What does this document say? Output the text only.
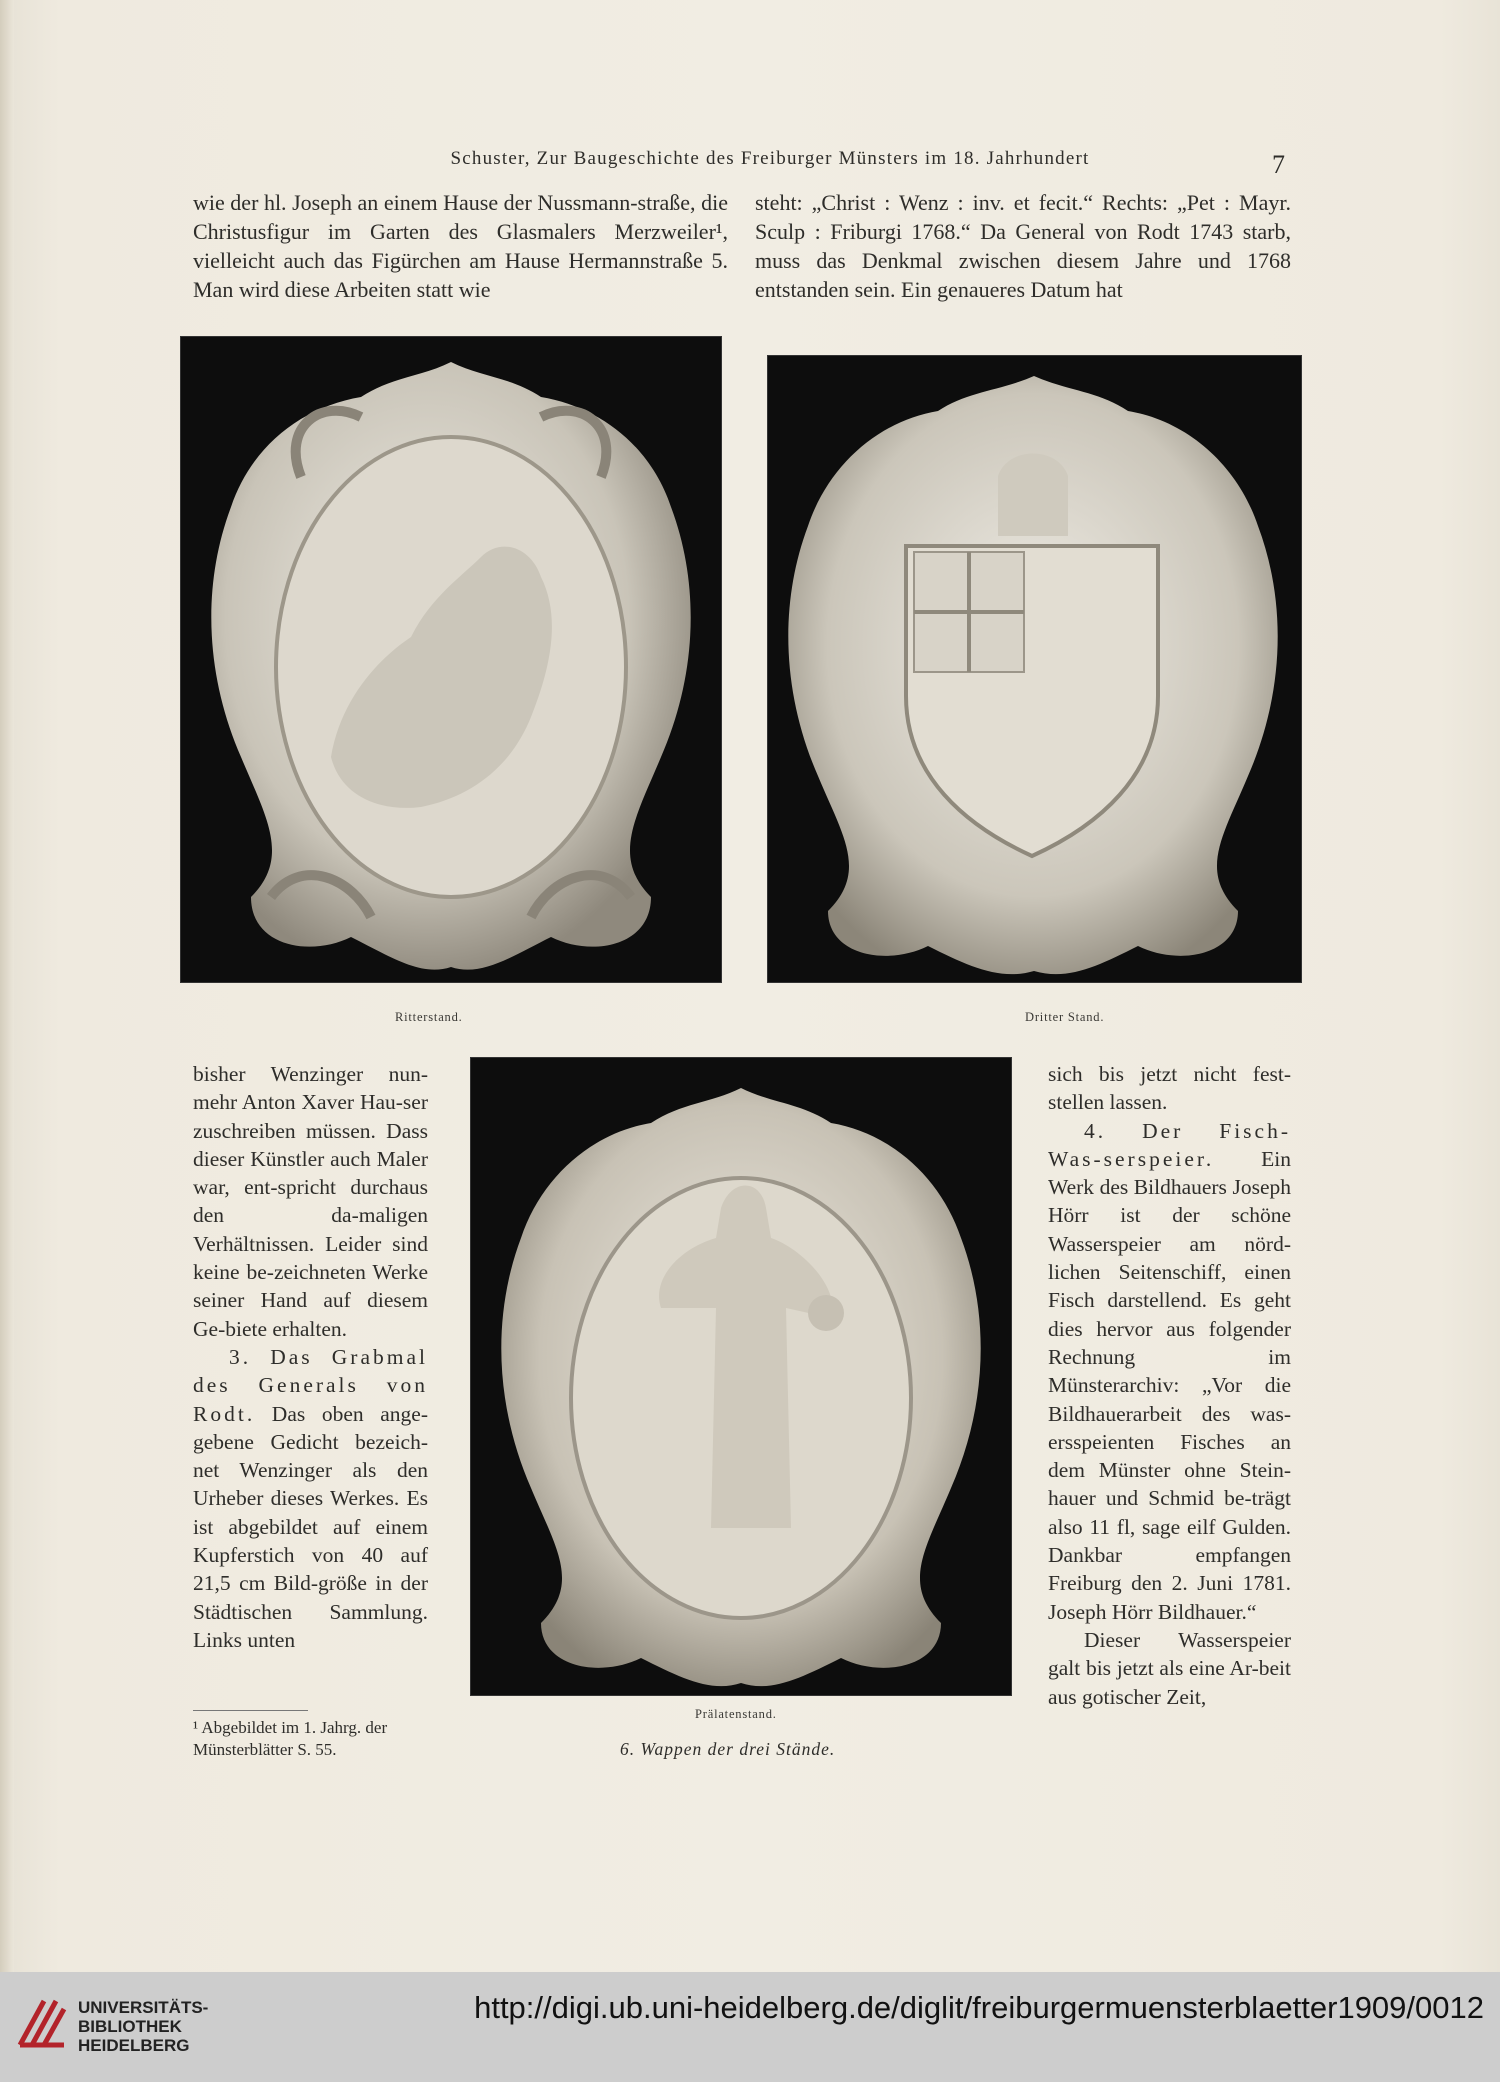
Schuster, Zur Baugeschichte des Freiburger Münsters im 18. Jahrhundert	7

wie der hl. Joseph an einem Hause der Nussmann-straße, die Christusfigur im Garten des Glasmalers Merzweiler¹, vielleicht auch das Figürchen am Hause Hermannstraße 5. Man wird diese Arbeiten statt wie

steht: „Christ : Wenz : inv. et fecit.“ Rechts: „Pet : Mayr. Sculp : Friburgi 1768.“ Da General von Rodt 1743 starb, muss das Denkmal zwischen diesem Jahre und 1768 entstanden sein. Ein genaueres Datum hat

Ritterstand.	Dritter Stand.
Prälatenstand.
6. Wappen der drei Stände.

bisher Wenzinger nun-mehr Anton Xaver Hau-ser zuschreiben müssen. Dass dieser Künstler auch Maler war, ent-spricht durchaus den da-maligen Verhältnissen. Leider sind keine be-zeichneten Werke seiner Hand auf diesem Ge-biete erhalten.

3. Das Grabmal des Generals von Rodt. Das oben ange-gebene Gedicht bezeich-net Wenzinger als den Urheber dieses Werkes. Es ist abgebildet auf einem Kupferstich von 40 auf 21,5 cm Bild-größe in der Städtischen Sammlung. Links unten

sich bis jetzt nicht fest-stellen lassen.

4. Der Fisch-Was-serspeier. Ein Werk des Bildhauers Joseph Hörr ist der schöne Wasserspeier am nörd-lichen Seitenschiff, einen Fisch darstellend. Es geht dies hervor aus folgender Rechnung im Münsterarchiv: „Vor die Bildhauerarbeit des was-ersspeienten Fisches an dem Münster ohne Stein-hauer und Schmid be-trägt also 11 fl, sage eilf Gulden. Dankbar empfangen Freiburg den 2. Juni 1781. Joseph Hörr Bildhauer.“

Dieser Wasserspeier galt bis jetzt als eine Ar-beit aus gotischer Zeit,

¹ Abgebildet im 1. Jahrg. der Münsterblätter S. 55.
UNIVERSITÄTS-
BIBLIOTHEK
HEIDELBERG
http://digi.ub.uni-heidelberg.de/diglit/freiburgermuensterblaetter1909/0012
